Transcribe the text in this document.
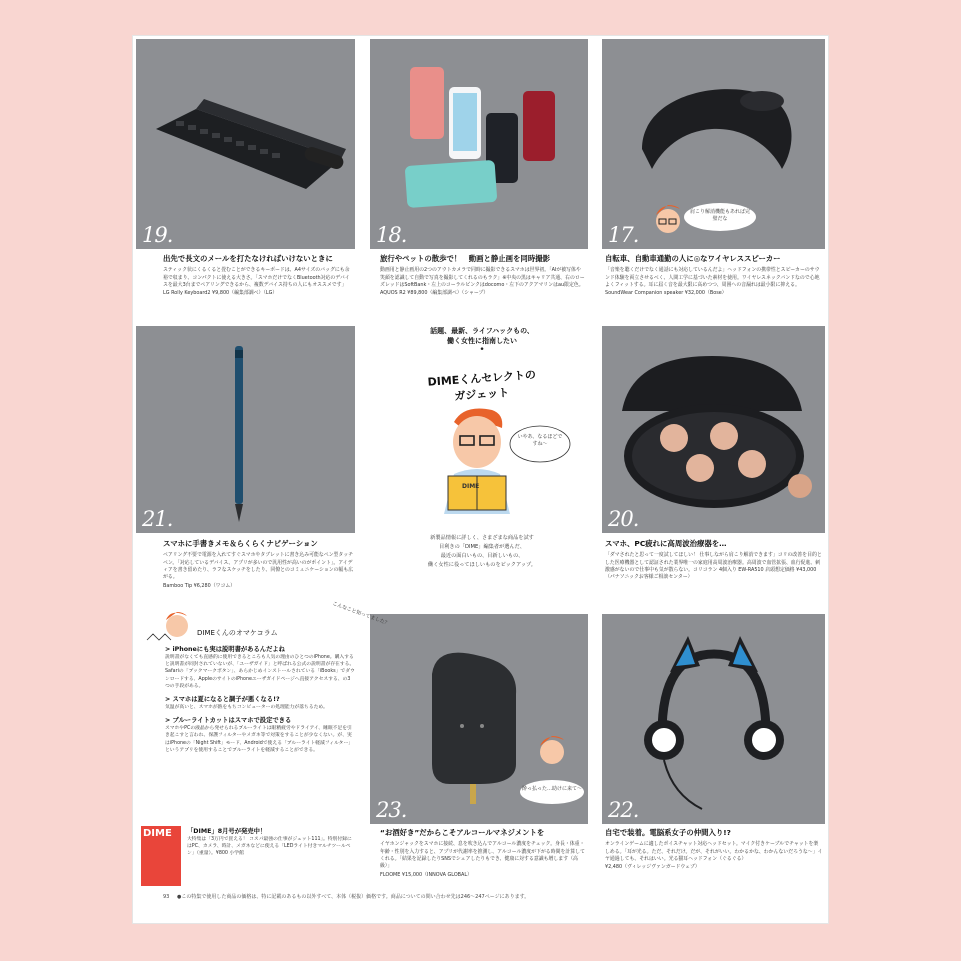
19.	18.
肩こり解消機能もあれば完璧だな
17.
出先で長文のメールを打たなければいけないときに

スティック状にくるくると畳むことができるキーボードは、A4サイズのバッグにも余裕で収まり、コンパクトに使える大きさ。「スマホだけでなくBluetooth対応のデバイスを最大3台までペアリングできるから、複数デバイス持ちの人にもオススメです」

LG Rolly Keyboard2 ¥9,800（編集部調べ）（LG）
旅行やペットの散歩で！　動画と静止画を同時撮影

動画用と静止画用の2つのアウトカメラで同時に撮影できるスマホは世界初。「AIが被写体や笑顔を認識して自動で写真を撮影してくれるのもラク」※中央の黒はキャリア共通、右のローズレッドはSoftBank・左上のコーラルピンクはdocomo・左下のアクアマリンはau限定色。

AQUOS R2 ¥89,800（編集部調べ）（シャープ）
自転車、自動車通勤の人に◎なワイヤレススピーカー

「音楽を聴くだけでなく通話にも対応しているんだよ」ヘッドフォンの携帯性とスピーカーのサウンド体験を両立させるべく、人間工学に基づいた素材を使用。ワイヤレスネックバンドなので心地よくフィットする。耳に届く音を最大限に高めつつ、周囲への音漏れは最小限に抑える。

SoundWear Companion speaker ¥32,000（Bose）
21.	20.
スマホに手書きメモ＆らくらくナビゲーション

ペアリング不要で電源を入れてすぐスマホやタブレットに書き込み可能なペン型タッチペン。「対応しているデバイス、アプリが多いので汎用性が高いのがポイント」。アイディアを書き留めたり、ラフなスケッチをしたり、同僚とのコミュニケーションの幅も広がる。

Bamboo Tip ¥6,280（ワコム）
スマホ、PC疲れに高周波治療器を…

「ダマされたと思って一度試してほしい！ 仕事しながら肩こり解消できます」コリの改善を目的とした医療機器として認証された業界唯一の家庭用高周波治療器。高周波で血管拡張、血行促進、刺激感がないので仕事中も気が散らない。コリコラン 4個入り EW-RA510 店頭想定価格 ¥43,000（パナソニックお客様ご相談センター）

話題、最新、ライフハックもの、
働く女性に指南したい
•
DIMEくんセレクトの
ガジェット
DIME
いやあ、なるほどですね〜
新製品情報に詳しく、さまざまな商品を試す
目利きの「DIME」編集者が選んだ、
最近の面白いもの、目新しいもの、
働く女性に役ってほしいものをピックアップ。
酔っ払った…助けに来て〜
23.	22.
“お酒好き”だからこそアルコールマネジメントを

イヤホンジャックをスマホに接続、息を吹き込んでアルコール濃度をチェック。身長・体重・年齢・性別を入力すると、アプリが代謝率を推測し、アルコール濃度が下がる時間を計算してくれる。「結果を記録したりSNSでシェアしたりもでき、健康に対する意識も増します（高級）」

FLOOME ¥15,000（INNOVA GLOBAL）
自宅で装着。電脳系女子の仲間入り!?

オンラインゲームに適したボイスチャット対応ヘッドセット。マイク付きケーブルでチャットを楽しめる。「耳が光る。ただ、それだけ。だが、それがいい。わかるかな、わかんないだろうな〜」イヤ通過しても、それはいい。光る猫耳ヘッドフォン（ぐるぐる）

¥2,480（ヴィレッジヴァンガードウェブ）
DIMEくんのオマケコラム
こんなこと知ってました？
> iPhoneにも実は説明書があるんだよね

説明書がなくても直感的に使用できるところも人気の理由のひとつのiPhone。購入すると説明書が同封されていないが、「ユーザガイド」と呼ばれる公式の説明書が存在する。Safariの「ブックマークボタン」、あらかじめインストールされている「iBooks」でダウンロードする、AppleのサイトのiPhoneユーザガイドページへ直接アクセスする、の3つの手段がある。

> スマホは夏になると調子が悪くなる!?

気温が高いと、スマホが熱をもちコンピューターの処理能力が落ちるため。

> ブルーライトカットはスマホで設定できる

スマホやPCの液晶から発せられるブルーライトは眼精疲労やドライアイ、睡眠不足を引き起こすと言われ、保護フィルターやメガネ等で対策をすることが少なくない。が、実はiPhoneの「Night Shift」モード、Androidで使える「ブルーライト軽減フィルター」というアプリを使用することでブルーライトを軽減することができる。

DIME 「DIME」8月号が発売中！

大特集は「3万円で買える！ コスパ最強の仕事がジェット111」。特別付録にはPC、カメラ、時計、メガネなどに使える「LEDライト付きマルチツールペン」（重量）。¥800 小学館

93 ●この特集で使用した商品の価格は、特に記載のあるもの以外すべて、本体（税抜）価格です。商品についての問い合わせ先は246〜247ページにあります。
